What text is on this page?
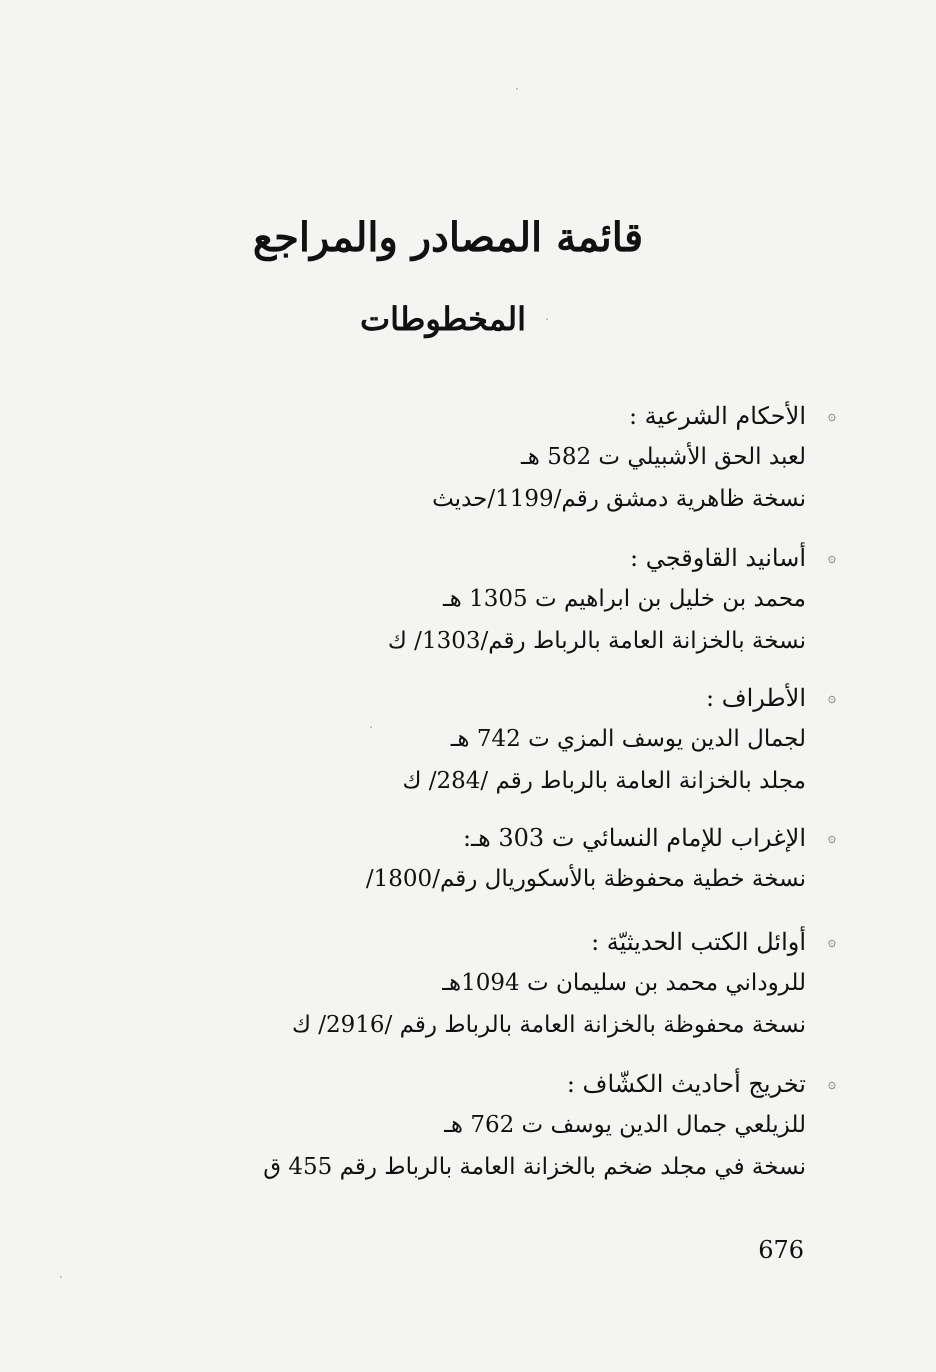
قائمة المصادر والمراجع
المخطوطات
۞
الأحكام الشرعية :
لعبد الحق الأشبيلي ت 582 هـ
نسخة ظاهرية دمشق رقم/1199/حديث
۞
أسانيد القاوقجي :
محمد بن خليل بن ابراهيم ت 1305 هـ
نسخة بالخزانة العامة بالرباط رقم/1303/ ك
۞
الأطراف :
لجمال الدين يوسف المزي ت 742 هـ
مجلد بالخزانة العامة بالرباط رقم /284/ ك
۞
الإغراب للإمام النسائي ت 303 هـ:
نسخة خطية محفوظة بالأسكوريال رقم/1800/
۞
أوائل الكتب الحديثيّة :
للروداني محمد بن سليمان ت 1094هـ
نسخة محفوظة بالخزانة العامة بالرباط رقم /2916/ ك
۞
تخريج أحاديث الكشّاف :
للزيلعي جمال الدين يوسف ت 762 هـ
نسخة في مجلد ضخم بالخزانة العامة بالرباط رقم 455 ق
676
